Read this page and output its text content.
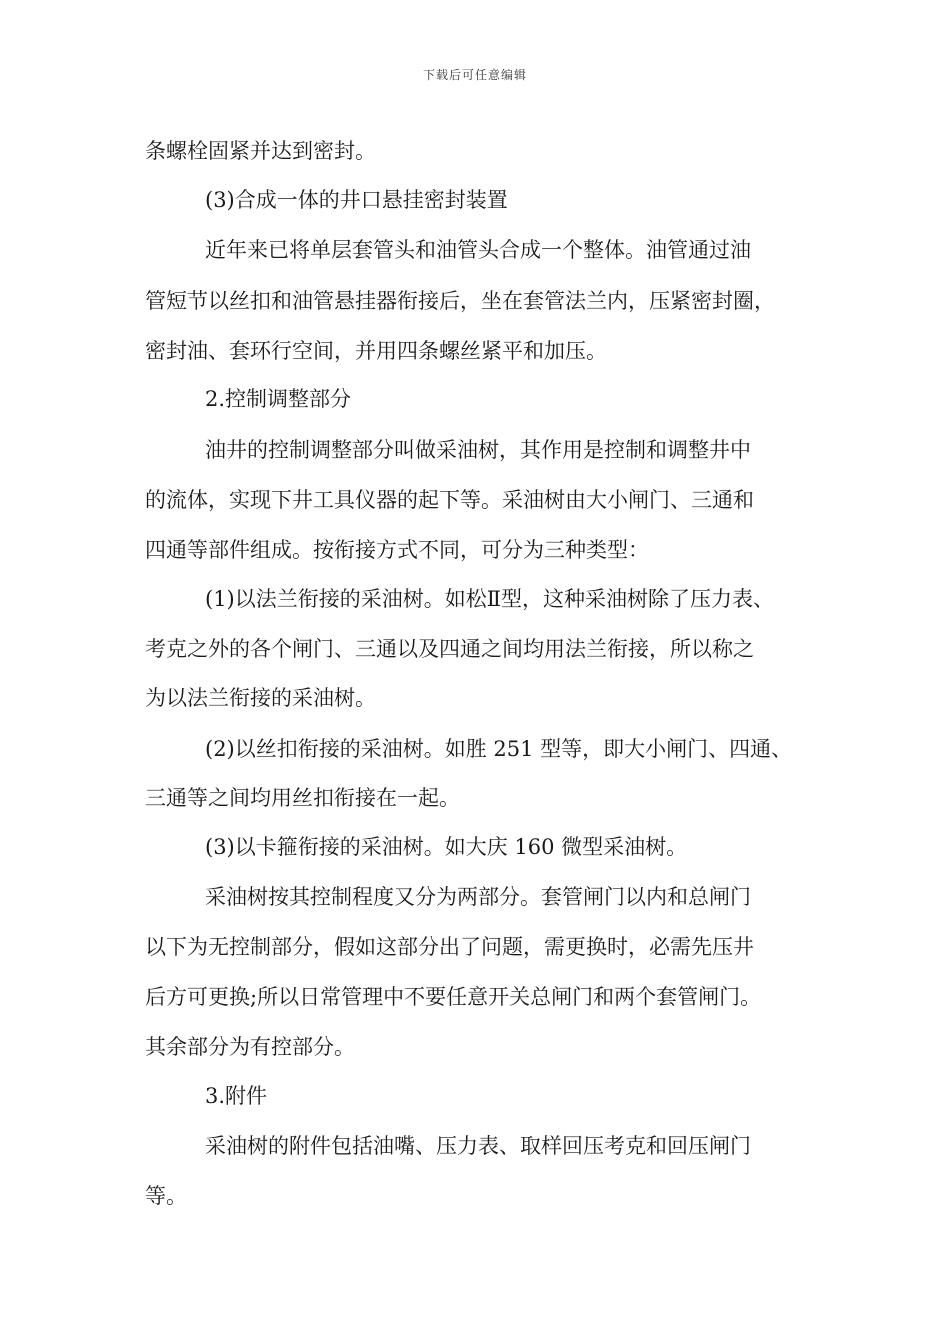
下载后可任意编辑
条螺栓固紧并达到密封。
(3)合成一体的井口悬挂密封装置
近年来已将单层套管头和油管头合成一个整体。油管通过油
管短节以丝扣和油管悬挂器衔接后，坐在套管法兰内，压紧密封圈，
密封油、套环行空间，并用四条螺丝紧平和加压。
2.控制调整部分
油井的控制调整部分叫做采油树，其作用是控制和调整井中
的流体，实现下井工具仪器的起下等。采油树由大小闸门、三通和
四通等部件组成。按衔接方式不同，可分为三种类型：
(1)以法兰衔接的采油树。如松Ⅱ型，这种采油树除了压力表、
考克之外的各个闸门、三通以及四通之间均用法兰衔接，所以称之
为以法兰衔接的采油树。
(2)以丝扣衔接的采油树。如胜 251 型等，即大小闸门、四通、
三通等之间均用丝扣衔接在一起。
(3)以卡箍衔接的采油树。如大庆 160 微型采油树。
采油树按其控制程度又分为两部分。套管闸门以内和总闸门
以下为无控制部分，假如这部分出了问题，需更换时，必需先压井
后方可更换;所以日常管理中不要任意开关总闸门和两个套管闸门。
其余部分为有控部分。
3.附件
采油树的附件包括油嘴、压力表、取样回压考克和回压闸门
等。
